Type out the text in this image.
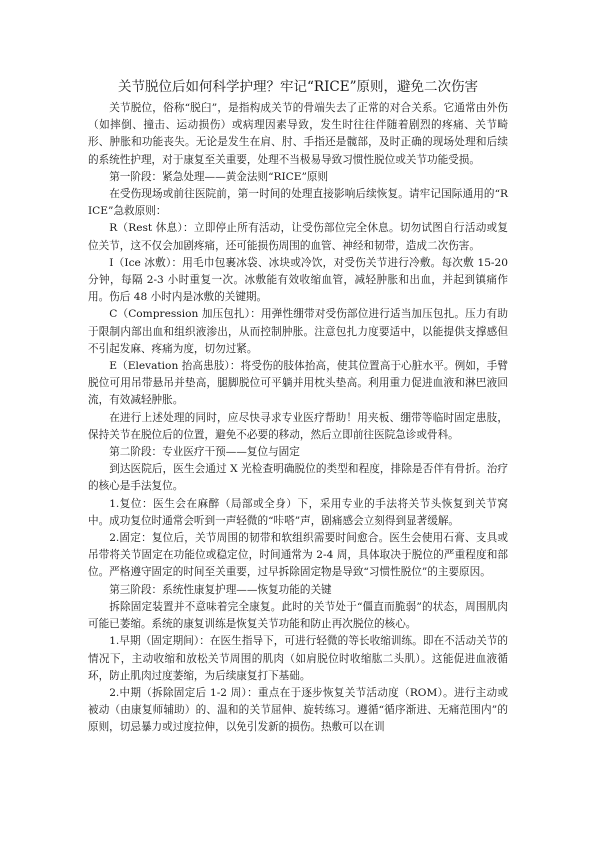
关节脱位后如何科学护理？牢记“RICE”原则，避免二次伤害

关节脱位，俗称“脱臼”，是指构成关节的骨端失去了正常的对合关系。它通常由外伤（如摔倒、撞击、运动损伤）或病理因素导致，发生时往往伴随着剧烈的疼痛、关节畸形、肿胀和功能丧失。无论是发生在肩、肘、手指还是髋部，及时正确的现场处理和后续的系统性护理，对于康复至关重要，处理不当极易导致习惯性脱位或关节功能受损。

第一阶段：紧急处理——黄金法则“RICE”原则

在受伤现场或前往医院前，第一时间的处理直接影响后续恢复。请牢记国际通用的“RICE”急救原则：

R（Rest 休息）：立即停止所有活动，让受伤部位完全休息。切勿试图自行活动或复位关节，这不仅会加剧疼痛，还可能损伤周围的血管、神经和韧带，造成二次伤害。

I（Ice 冰敷）：用毛巾包裹冰袋、冰块或冷饮，对受伤关节进行冷敷。每次敷 15-20 分钟，每隔 2-3 小时重复一次。冰敷能有效收缩血管，减轻肿胀和出血，并起到镇痛作用。伤后 48 小时内是冰敷的关键期。

C（Compression 加压包扎）：用弹性绷带对受伤部位进行适当加压包扎。压力有助于限制内部出血和组织液渗出，从而控制肿胀。注意包扎力度要适中，以能提供支撑感但不引起发麻、疼痛为度，切勿过紧。

E（Elevation 抬高患肢）：将受伤的肢体抬高，使其位置高于心脏水平。例如，手臂脱位可用吊带悬吊并垫高，腿脚脱位可平躺并用枕头垫高。利用重力促进血液和淋巴液回流，有效减轻肿胀。

在进行上述处理的同时，应尽快寻求专业医疗帮助！用夹板、绷带等临时固定患肢，保持关节在脱位后的位置，避免不必要的移动，然后立即前往医院急诊或骨科。

第二阶段：专业医疗干预——复位与固定

到达医院后，医生会通过 X 光检查明确脱位的类型和程度，排除是否伴有骨折。治疗的核心是手法复位。

1.复位：医生会在麻醉（局部或全身）下，采用专业的手法将关节头恢复到关节窝中。成功复位时通常会听到一声轻微的“咔嗒”声，剧痛感会立刻得到显著缓解。

2.固定：复位后，关节周围的韧带和软组织需要时间愈合。医生会使用石膏、支具或吊带将关节固定在功能位或稳定位，时间通常为 2-4 周，具体取决于脱位的严重程度和部位。严格遵守固定的时间至关重要，过早拆除固定物是导致“习惯性脱位”的主要原因。

第三阶段：系统性康复护理——恢复功能的关键

拆除固定装置并不意味着完全康复。此时的关节处于“僵直而脆弱”的状态，周围肌肉可能已萎缩。系统的康复训练是恢复关节功能和防止再次脱位的核心。

1.早期（固定期间）：在医生指导下，可进行轻微的等长收缩训练。即在不活动关节的情况下，主动收缩和放松关节周围的肌肉（如肩脱位时收缩肱二头肌）。这能促进血液循环，防止肌肉过度萎缩，为后续康复打下基础。

2.中期（拆除固定后 1-2 周）：重点在于逐步恢复关节活动度（ROM）。进行主动或被动（由康复师辅助）的、温和的关节屈伸、旋转练习。遵循“循序渐进、无痛范围内”的原则，切忌暴力或过度拉伸，以免引发新的损伤。热敷可以在训
